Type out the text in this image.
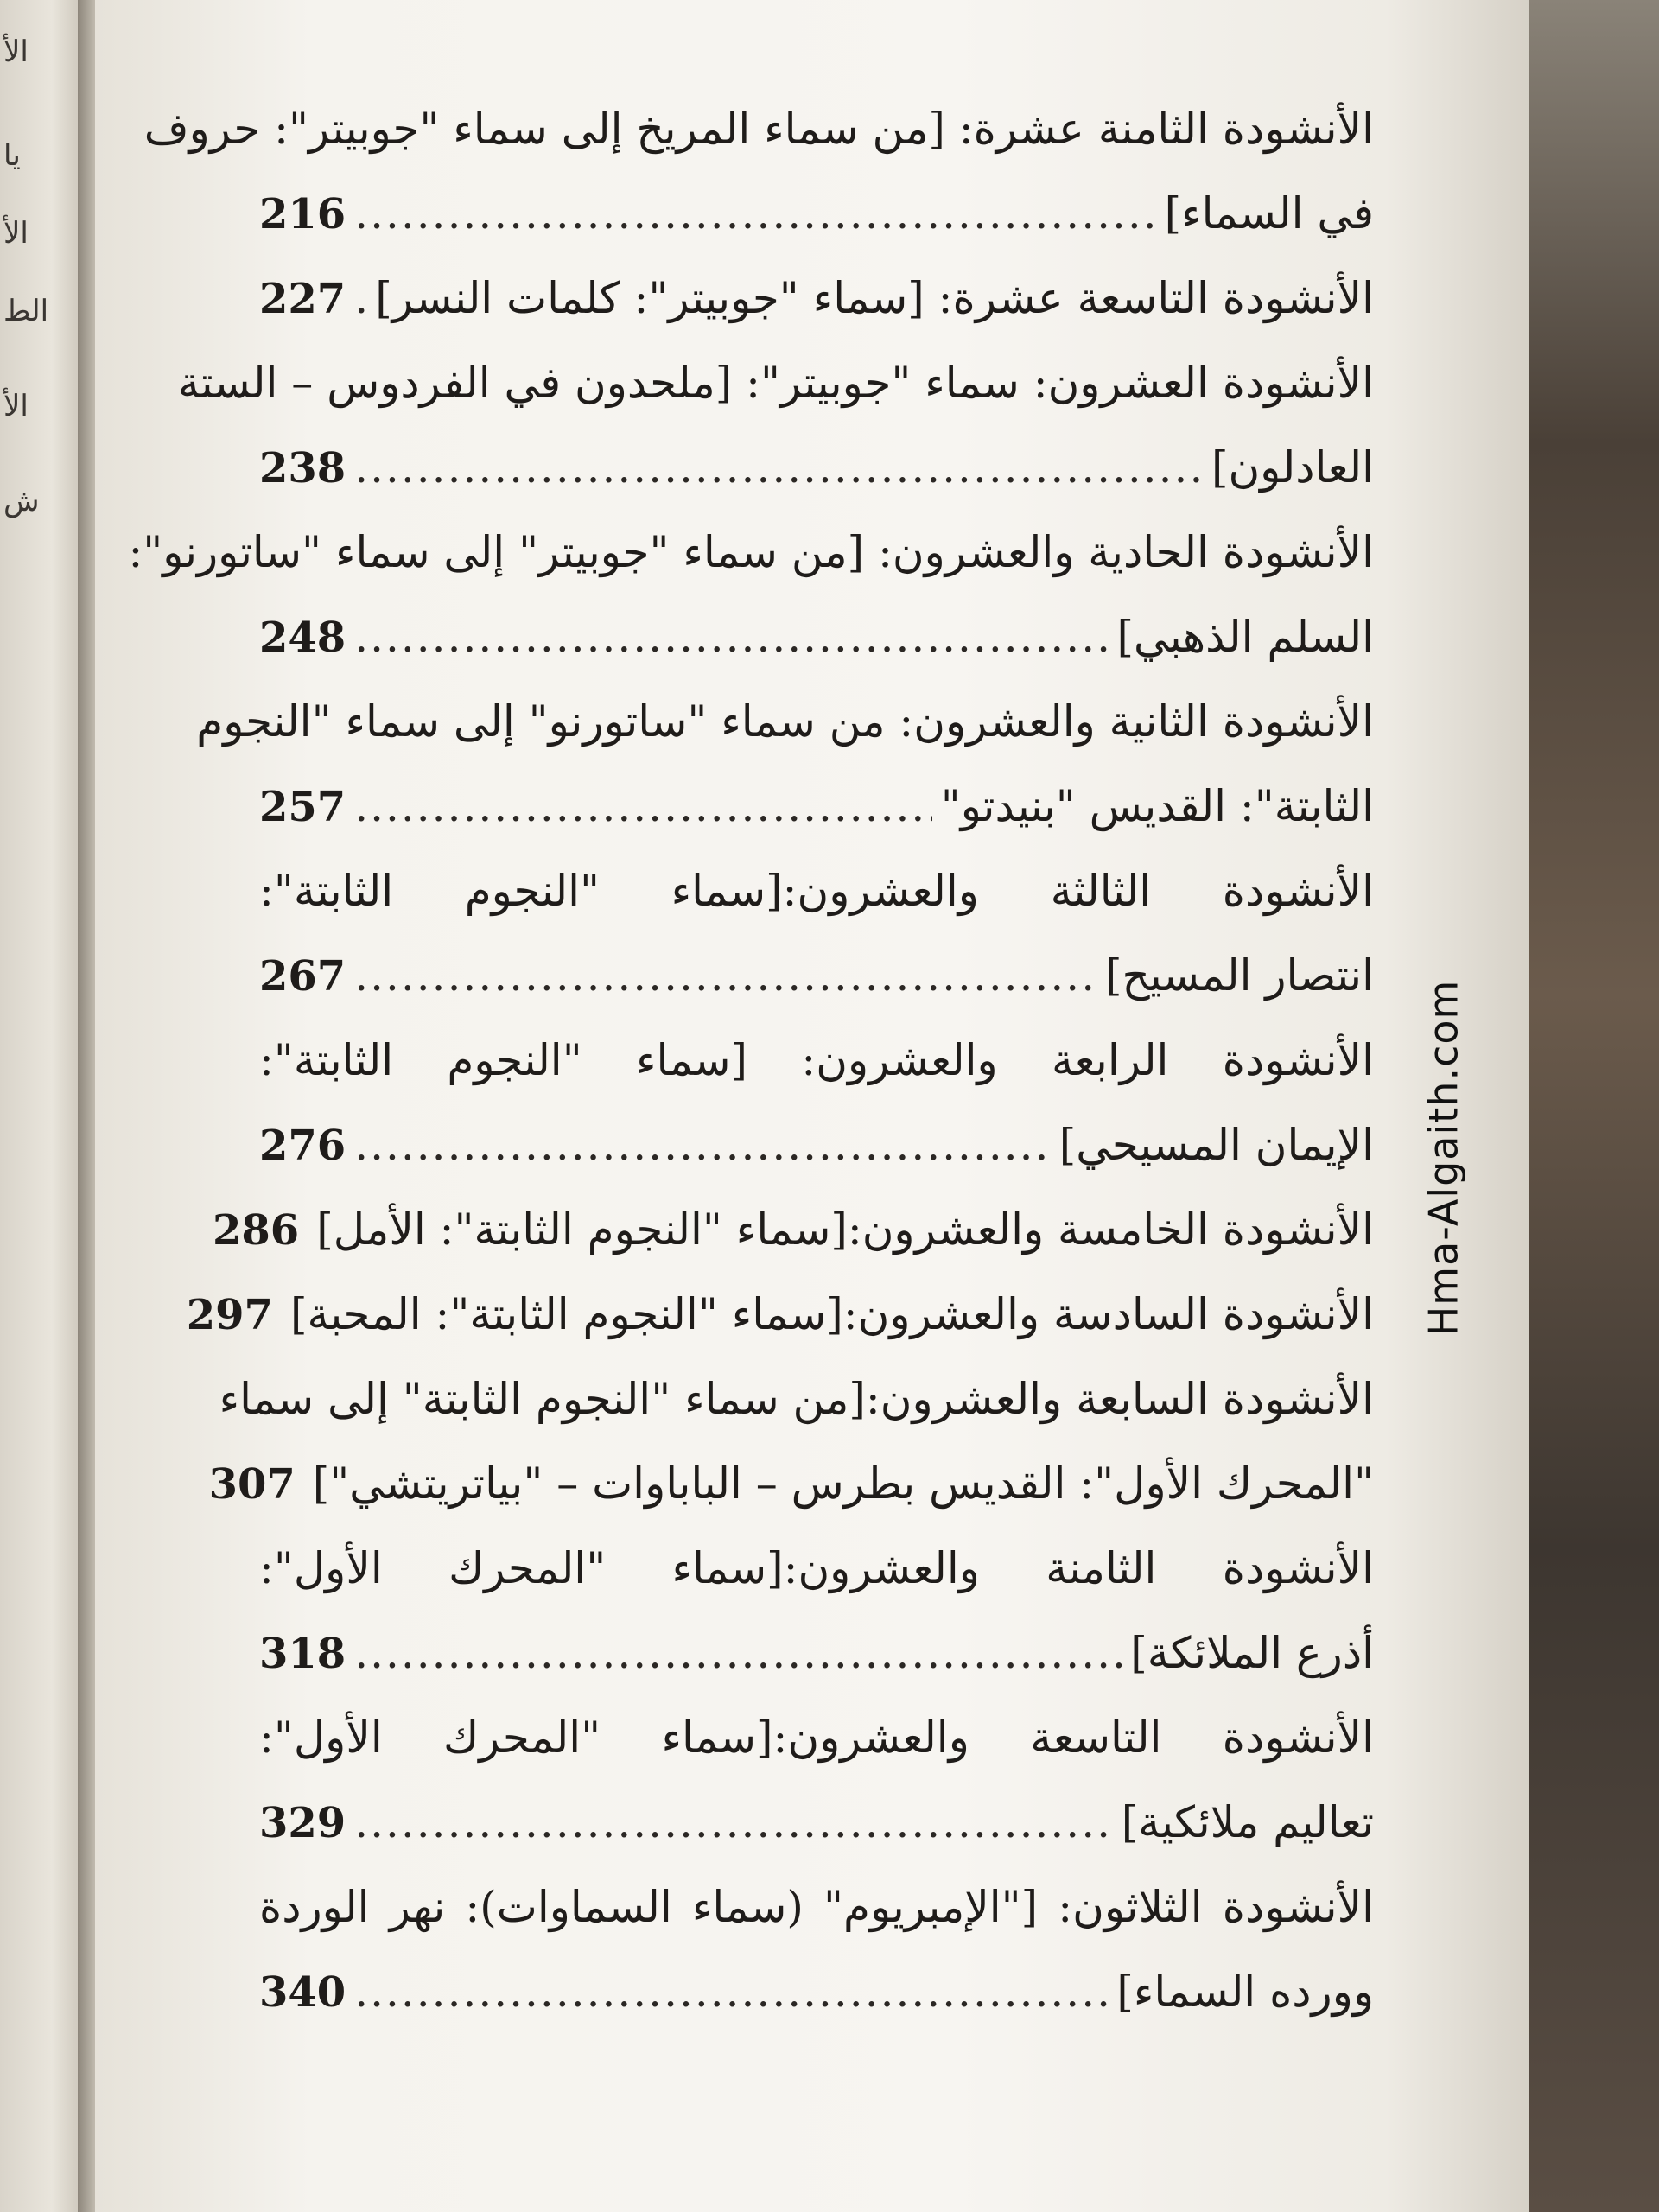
الأ
يا
الأ
الط
الأ
ش
الأنشودة الثامنة عشرة: [من سماء المريخ إلى سماء "جوبيتر": حروف
في السماء]
.....
216
الأنشودة التاسعة عشرة: [سماء "جوبيتر": كلمات النسر]
.....
227
الأنشودة العشرون: سماء "جوبيتر": [ملحدون في الفردوس – الستة
العادلون]
.....
238
الأنشودة الحادية والعشرون: [من سماء "جوبيتر" إلى سماء "ساتورنو":
السلم الذهبي]
.....
248
الأنشودة الثانية والعشرون: من سماء "ساتورنو" إلى سماء "النجوم
الثابتة": القديس "بنيدتو"
.....
257
الأنشودة الثالثة والعشرون:[سماء "النجوم الثابتة":
انتصار المسيح]
.....
267
الأنشودة الرابعة والعشرون: [سماء "النجوم الثابتة":
الإيمان المسيحي]
.....
276
الأنشودة الخامسة والعشرون:[سماء "النجوم الثابتة": الأمل]
286
الأنشودة السادسة والعشرون:[سماء "النجوم الثابتة": المحبة]
297
الأنشودة السابعة والعشرون:[من سماء "النجوم الثابتة" إلى سماء
"المحرك الأول": القديس بطرس – الباباوات – "بياتريتشي"]
307
الأنشودة الثامنة والعشرون:[سماء "المحرك الأول":
أذرع الملائكة]
.....
318
الأنشودة التاسعة والعشرون:[سماء "المحرك الأول":
تعاليم ملائكية]
.....
329
الأنشودة الثلاثون: ["الإمبريوم" (سماء السماوات): نهر الوردة
وورده السماء]
.....
340
Hma-Algaith.com
